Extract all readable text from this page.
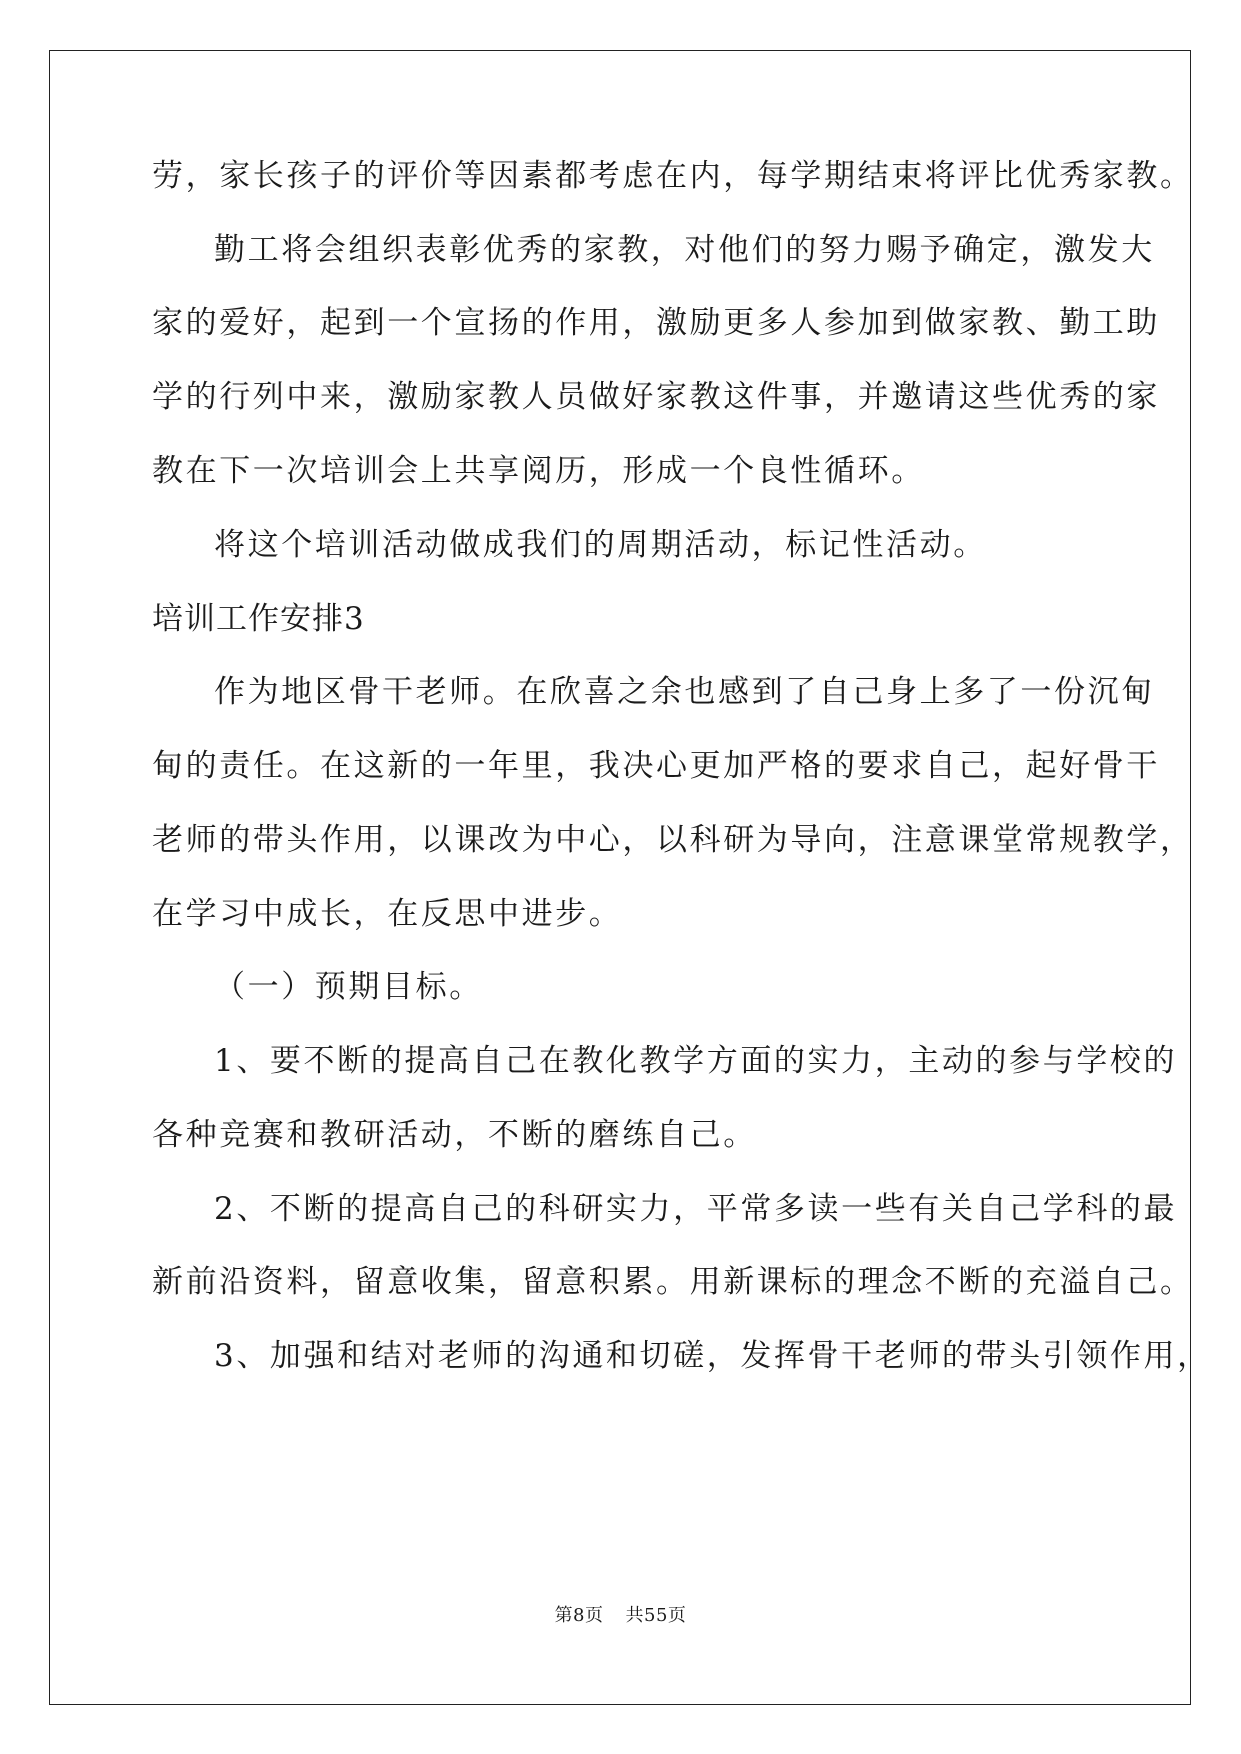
劳，家长孩子的评价等因素都考虑在内，每学期结束将评比优秀家教。
勤工将会组织表彰优秀的家教，对他们的努力赐予确定，激发大
家的爱好，起到一个宣扬的作用，激励更多人参加到做家教、勤工助
学的行列中来，激励家教人员做好家教这件事，并邀请这些优秀的家
教在下一次培训会上共享阅历，形成一个良性循环。
将这个培训活动做成我们的周期活动，标记性活动。
培训工作安排3
作为地区骨干老师。在欣喜之余也感到了自己身上多了一份沉甸
甸的责任。在这新的一年里，我决心更加严格的要求自己，起好骨干
老师的带头作用，以课改为中心，以科研为导向，注意课堂常规教学，
在学习中成长，在反思中进步。
（一）预期目标。
1、要不断的提高自己在教化教学方面的实力，主动的参与学校的
各种竞赛和教研活动，不断的磨练自己。
2、不断的提高自己的科研实力，平常多读一些有关自己学科的最
新前沿资料，留意收集，留意积累。用新课标的理念不断的充溢自己。
3、加强和结对老师的沟通和切磋，发挥骨干老师的带头引领作用，
第8页 共55页
